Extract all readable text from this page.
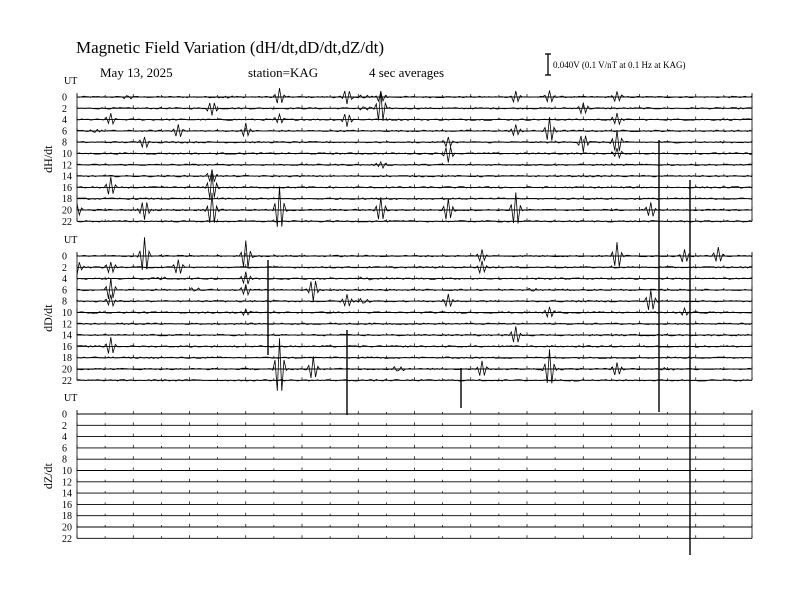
Magnetic Field Variation (dH/dt,dD/dt,dZ/dt)
May 13, 2025	station=KAG	4 sec averages	0.040V (0.1 V/nT at 0.1 Hz at KAG)
UT
dH/dt
0
2
4
6
8
10
12
14
16
18
20
22
UT
dD/dt
0
2
4
6
8
10
12
14
16
18
20
22
UT
dZ/dt
0
2
4
6
8
10
12
14
16
18
20
22
